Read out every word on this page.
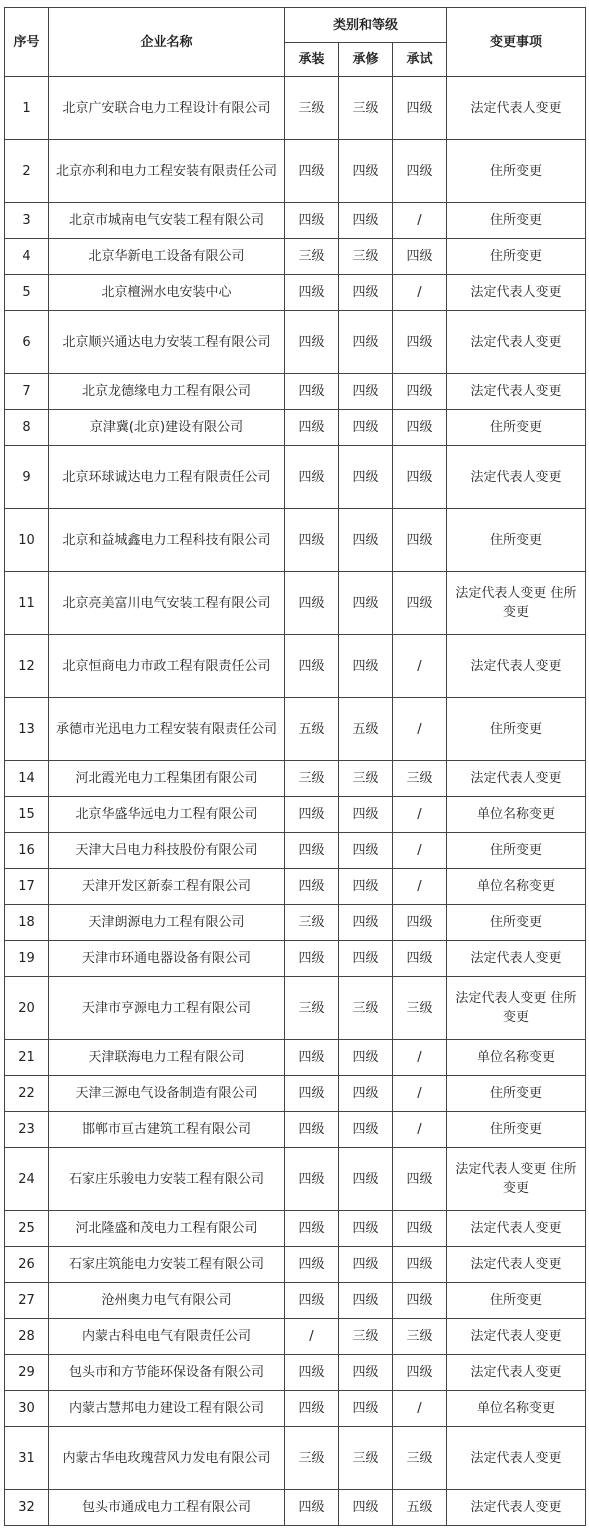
序号	企业名称	类别和等级			变更事项
		承装	承修	承试	
1	北京广安联合电力工程设计有限公司	三级	三级	四级	法定代表人变更
2	北京亦利和电力工程安装有限责任公司	四级	四级	四级	住所变更
3	北京市城南电气安装工程有限公司	四级	四级	/	住所变更
4	北京华新电工设备有限公司	三级	三级	四级	住所变更
5	北京檀洲水电安装中心	四级	四级	/	法定代表人变更
6	北京顺兴通达电力安装工程有限公司	四级	四级	四级	法定代表人变更
7	北京龙德缘电力工程有限公司	四级	四级	四级	法定代表人变更
8	京津冀(北京)建设有限公司	四级	四级	四级	住所变更
9	北京环球诚达电力工程有限责任公司	四级	四级	四级	法定代表人变更
10	北京和益城鑫电力工程科技有限公司	四级	四级	四级	住所变更
11	北京亮美富川电气安装工程有限公司	四级	四级	四级	法定代表人变更 住所变更
12	北京恒商电力市政工程有限责任公司	四级	四级	/	法定代表人变更
13	承德市光迅电力工程安装有限责任公司	五级	五级	/	住所变更
14	河北霞光电力工程集团有限公司	三级	三级	三级	法定代表人变更
15	北京华盛华远电力工程有限公司	四级	四级	/	单位名称变更
16	天津大吕电力科技股份有限公司	四级	四级	/	住所变更
17	天津开发区新泰工程有限公司	四级	四级	/	单位名称变更
18	天津朗源电力工程有限公司	三级	四级	四级	住所变更
19	天津市环通电器设备有限公司	四级	四级	四级	法定代表人变更
20	天津市亨源电力工程有限公司	三级	三级	三级	法定代表人变更 住所变更
21	天津联海电力工程有限公司	四级	四级	/	单位名称变更
22	天津三源电气设备制造有限公司	四级	四级	/	住所变更
23	邯郸市亘古建筑工程有限公司	四级	四级	/	住所变更
24	石家庄乐骏电力安装工程有限公司	四级	四级	四级	法定代表人变更 住所变更
25	河北隆盛和茂电力工程有限公司	四级	四级	四级	法定代表人变更
26	石家庄筑能电力安装工程有限公司	四级	四级	四级	法定代表人变更
27	沧州奥力电气有限公司	四级	四级	四级	住所变更
28	内蒙古科电电气有限责任公司	/	三级	三级	法定代表人变更
29	包头市和方节能环保设备有限公司	四级	四级	四级	法定代表人变更
30	内蒙古慧邦电力建设工程有限公司	四级	四级	/	单位名称变更
31	内蒙古华电玫瑰营风力发电有限公司	三级	三级	三级	法定代表人变更
32	包头市通成电力工程有限公司	四级	四级	五级	法定代表人变更
